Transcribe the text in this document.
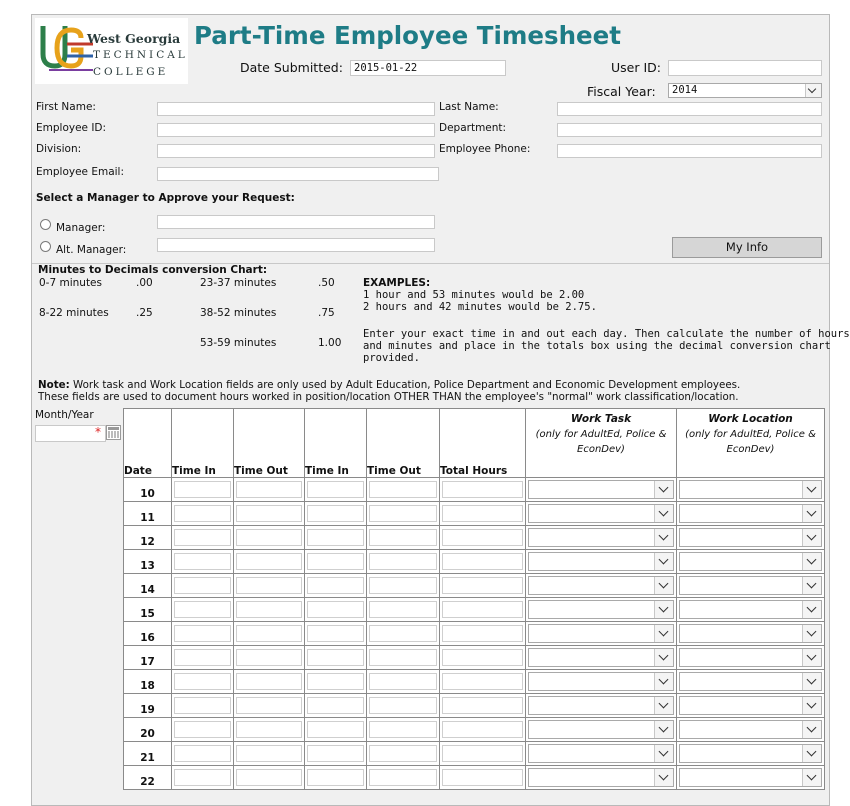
West Georgia
TECHNICAL
COLLEGE
Part-Time Employee Timesheet
Date Submitted:	2015-01-22	User ID:
Fiscal Year:	2014
First Name:	Last Name:
Employee ID:	Department:
Division:	Employee Phone:
Employee Email:
Select a Manager to Approve your Request:
Manager:
Alt. Manager:	My Info
Minutes to Decimals conversion Chart:
0-7 minutes	.00	23-37 minutes	.50
8-22 minutes	.25	38-52 minutes	.75
53-59 minutes	1.00
EXAMPLES:
1 hour and 53 minutes would be 2.00
2 hours and 42 minutes would be 2.75.
Enter your exact time in and out each day. Then calculate the number of hours
and minutes and place in the totals box using the decimal conversion chart
provided.
Note: Work task and Work Location fields are only used by Adult Education, Police Department and Economic Development employees.
These fields are used to document hours worked in position/location OTHER THAN the employee's "normal" work classification/location.
Month/Year
*
Date	Time In	Time Out	Time In	Time Out	Total Hours	Work Task
(only for AdultEd, Police &
EconDev)	Work Location
(only for AdultEd, Police &
EconDev)
10	

11	

12	

13	

14	

15	

16	

17	

18	

19	

20	

21	

22	
